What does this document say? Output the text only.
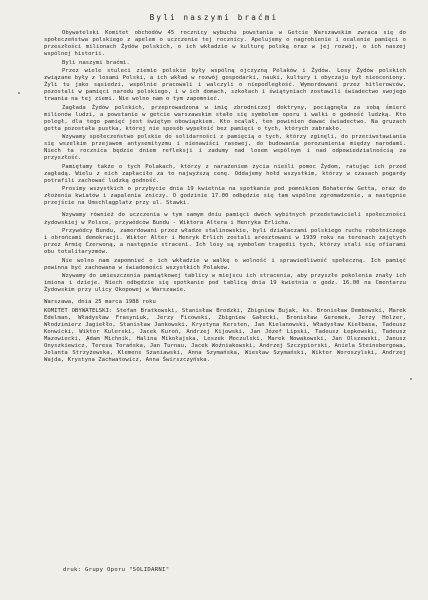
Byli naszymi braćmi

Obywatelski Komitet obchodów 45 rocznicy wybuchu powstania w Getcie Warszawskim zwraca się do społeczeństwa polskiego z apelem o uczczenie tej rocznicy. Apelujemy o nagrobienie i ocalenie pamięci o przeszłości milionach Żydów polskich, o ich wkładzie w kulturę polską oraz w jej rozwój, o ich naszej wspólnej historii.

Byli naszymi braćmi.

Przez wiele stuleci ziemie polskie były wspólną ojczyzną Polaków i Żydów. Losy Żydów polskich związane były z losami Polski, a ich wkład w rozwój gospodarki, nauki, kultury i obyczaju był nieoceniony. Żyli tu jako sąsiedzi, wspólnie pracowali i walczyli o niepodległość. Wymordowani przez hitlerowców, pozostali w pamięci narodu polskiego, i w ich domach, szkołach i świątyniach zostawili świadectwo swojego trwania na tej ziemi. Nie wolno nam o tym zapomnieć.

Zagłada Żydów polskich, przeprowadzona w imię zbrodniczej doktryny, pociągnęła za sobą śmierć milionów ludzi, a powstanie w getcie warszawskim stało się symbolem oporu i walki o godność ludzką. Kto poległ, dla tego pamięć jest świętym obowiązkiem. Kto ocalał, ten powinien dawać świadectwo. Na gruzach getta pozostała pustka, której nie sposób wypełnić bez pamięci o tych, których zabrakło.

Wzywamy społeczeństwo polskie do solidarności z pamięcią o tych, którzy zginęli, do przeciwstawiania się wszelkim przejawom antysemityzmu i nienawiści rasowej, do budowania porozumienia między narodami. Niech ta rocznica będzie dniem refleksji i zadumy nad losem wspólnym i nad odpowiedzialnością za przyszłość.

Pamiętamy także o tych Polakach, którzy z narażeniem życia nieśli pomoc Żydom, ratując ich przed zagładą. Wielu z nich zapłaciło za to najwyższą cenę. Oddajemy hołd wszystkim, którzy w czasach pogardy potrafili zachować ludzką godność.

Prosimy wszystkich o przybycie dnia 19 kwietnia na spotkanie pod pomnikiem Bohaterów Getta, oraz do złożenia kwiatów i zapalenia zniczy. O godzinie 17.00 odbędzie się tam wspólne zgromadzenie, a następnie przejście na Umschlagplatz przy ul. Stawki.

Wzywamy również do uczczenia w tym samym dniu pamięci dwóch wybitnych przedstawicieli społeczności żydowskiej w Polsce, przywódców Bundu - Wiktora Altera i Henryka Erlicha.

Przywódcy Bundu, zamordowani przez władze stalinowskie, byli działaczami polskiego ruchu robotniczego i obrońcami demokracji. Wiktor Alter i Henryk Erlich zostali aresztowani w 1939 roku na terenach zajętych przez Armię Czerwoną, a następnie straceni. Ich losy są symbolem tragedii tych, którzy stali się ofiarami obu totalitaryzmów.

Nie wolno nam zapomnieć o ich wkładzie w walkę o wolność i sprawiedliwość społeczną. Ich pamięć powinna być zachowana w świadomości wszystkich Polaków.

Wzywamy do umieszczenia pamiątkowej tablicy w miejscu ich stracenia, aby przyszłe pokolenia znały ich imiona i dzieje. Niech odbędzie się spotkanie pod tablicą dnia 19 kwietnia o godz. 16.00 na Cmentarzu Żydowskim przy ulicy Okopowej w Warszawie.

Warszawa, dnia 25 marca 1988 roku

KOMITET OBYWATELSKI: Stefan Bratkowski, Stanisław Brodzki, Zbigniew Bujak, ks. Bronisław Dembowski, Marek Edelman, Władysław Frasyniuk, Jerzy Ficowski, Zbigniew Gałecki, Bronisław Geremek, Jerzy Holzer, Włodzimierz Jagiełło, Stanisław Jankowski, Krystyna Kersten, Jan Kielanowski, Władysław Kiełbasa, Tadeusz Konwicki, Wiktor Kulerski, Jacek Kuroń, Andrzej Kijowski, Jan Józef Lipski, Tadeusz Łepkowski, Tadeusz Mazowiecki, Adam Michnik, Halina Mikołajska, Leszek Moczulski, Marek Nowakowski, Jan Olszewski, Janusz Onyszkiewicz, Teresa Torańska, Jan Turnau, Jacek Woźniakowski, Andrzej Szczypiorski, Aniela Steinsbergowa, Jolanta Strzyżewska, Klemens Szaniawski, Anna Szymańska, Wiesław Szymański, Wiktor Woroszylski, Andrzej Wajda, Krystyna Zachwatowicz, Anna Świrszczyńska.

druk: Grupy Oporu "SOLIDARNI"
